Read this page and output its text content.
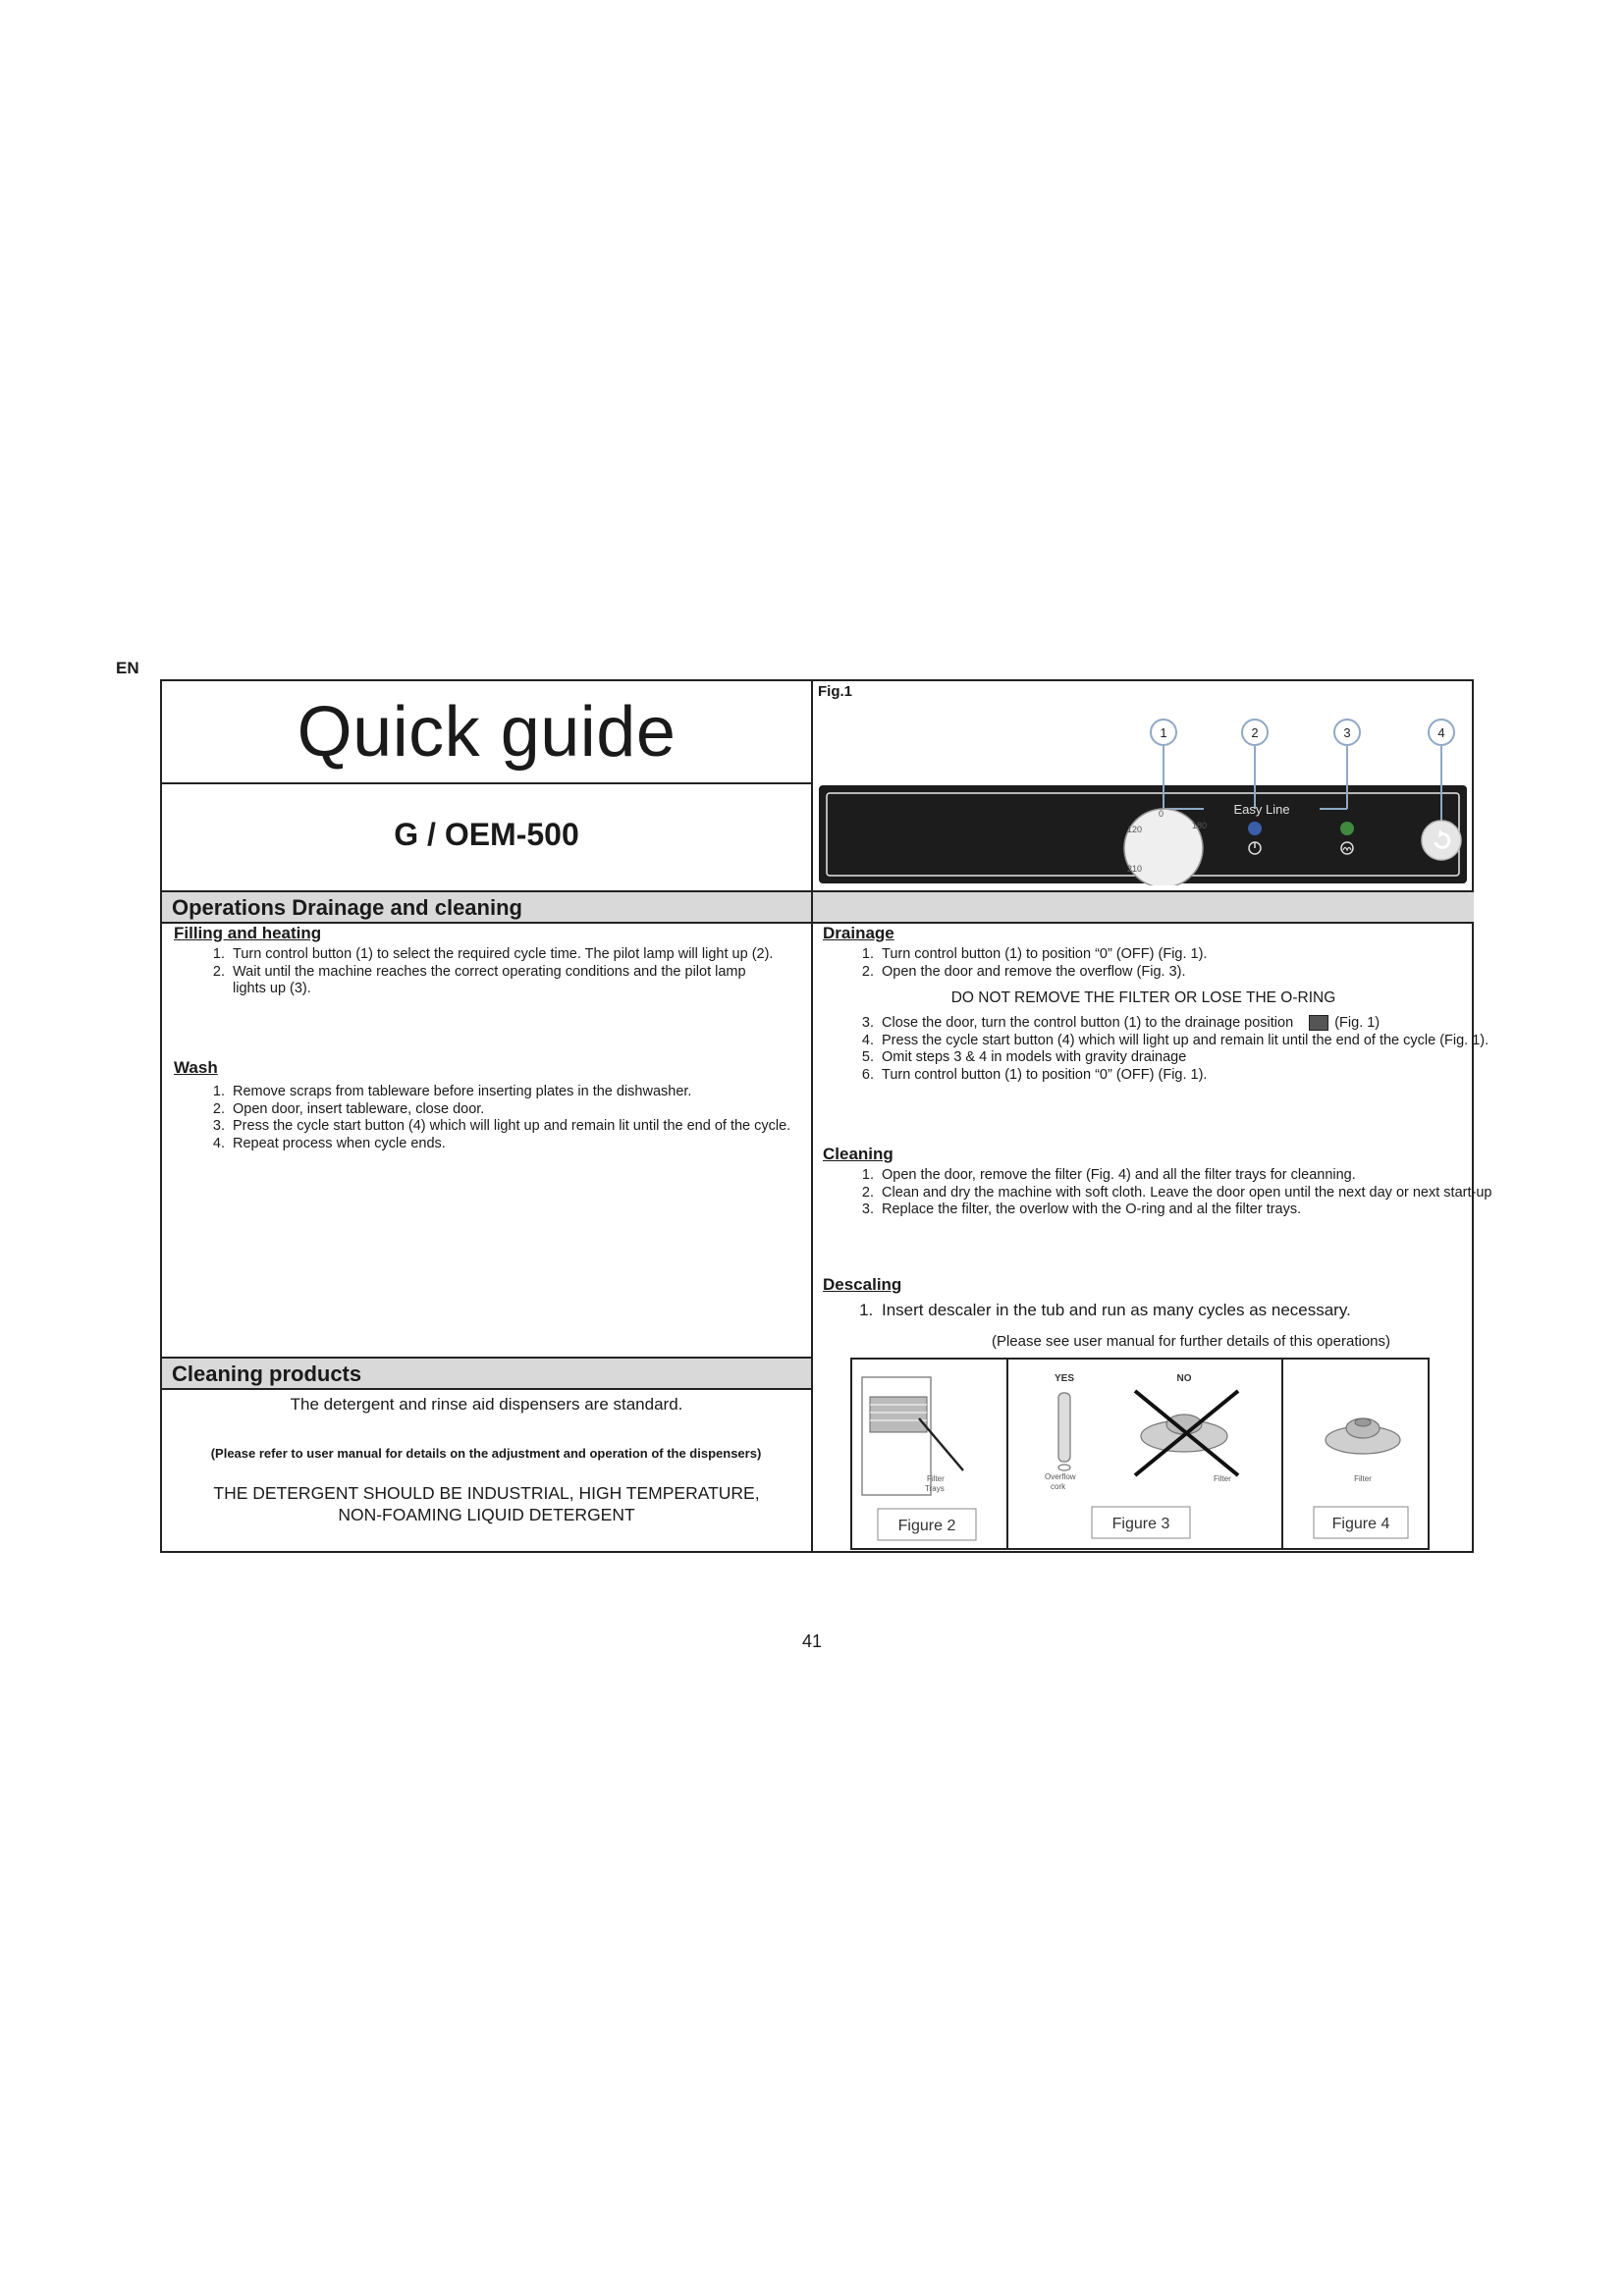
EN
Quick guide
G / OEM-500
Fig.1
1	2	3	4
Easy Line
120
0
180
210
Operations Drainage and cleaning
Filling and heating
1. Turn control button (1) to select the required cycle time. The pilot lamp will light up (2).
2. Wait until the machine reaches the correct operating conditions and the pilot lamp lights up (3).
Wash
1. Remove scraps from tableware before inserting plates in the dishwasher.
2. Open door, insert tableware, close door.
3. Press the cycle start button (4) which will light up and remain lit until the end of the cycle.
4. Repeat process when cycle ends.
Cleaning products
The detergent and rinse aid dispensers are standard.
(Please refer to user manual for details on the adjustment and operation of the dispensers)
THE DETERGENT SHOULD BE INDUSTRIAL, HIGH TEMPERATURE,
NON-FOAMING LIQUID DETERGENT
Drainage
1. Turn control button (1) to position “0” (OFF) (Fig. 1).
2. Open the door and remove the overflow (Fig. 3).
DO NOT REMOVE THE FILTER OR LOSE THE O-RING
3. Close the door, turn the control button (1) to the drainage position	(Fig. 1)
4. Press the cycle start button (4) which will light up and remain lit until the end of the cycle (Fig. 1).
5. Omit steps 3 & 4 in models with gravity drainage
6. Turn control button (1) to position “0” (OFF) (Fig. 1).
Cleaning
1. Open the door, remove the filter (Fig. 4) and all the filter trays for cleanning.
2. Clean and dry the machine with soft cloth. Leave the door open until the next day or next start-up
3. Replace the filter, the overlow with the O-ring and al the filter trays.
Descaling
1. Insert descaler in the tub and run as many cycles as necessary.
(Please see user manual for further details of this operations)
Filter
Trays
Figure 2
YES	NO
Overflow
cork
Filter
Figure 3
Filter
Figure 4
41
